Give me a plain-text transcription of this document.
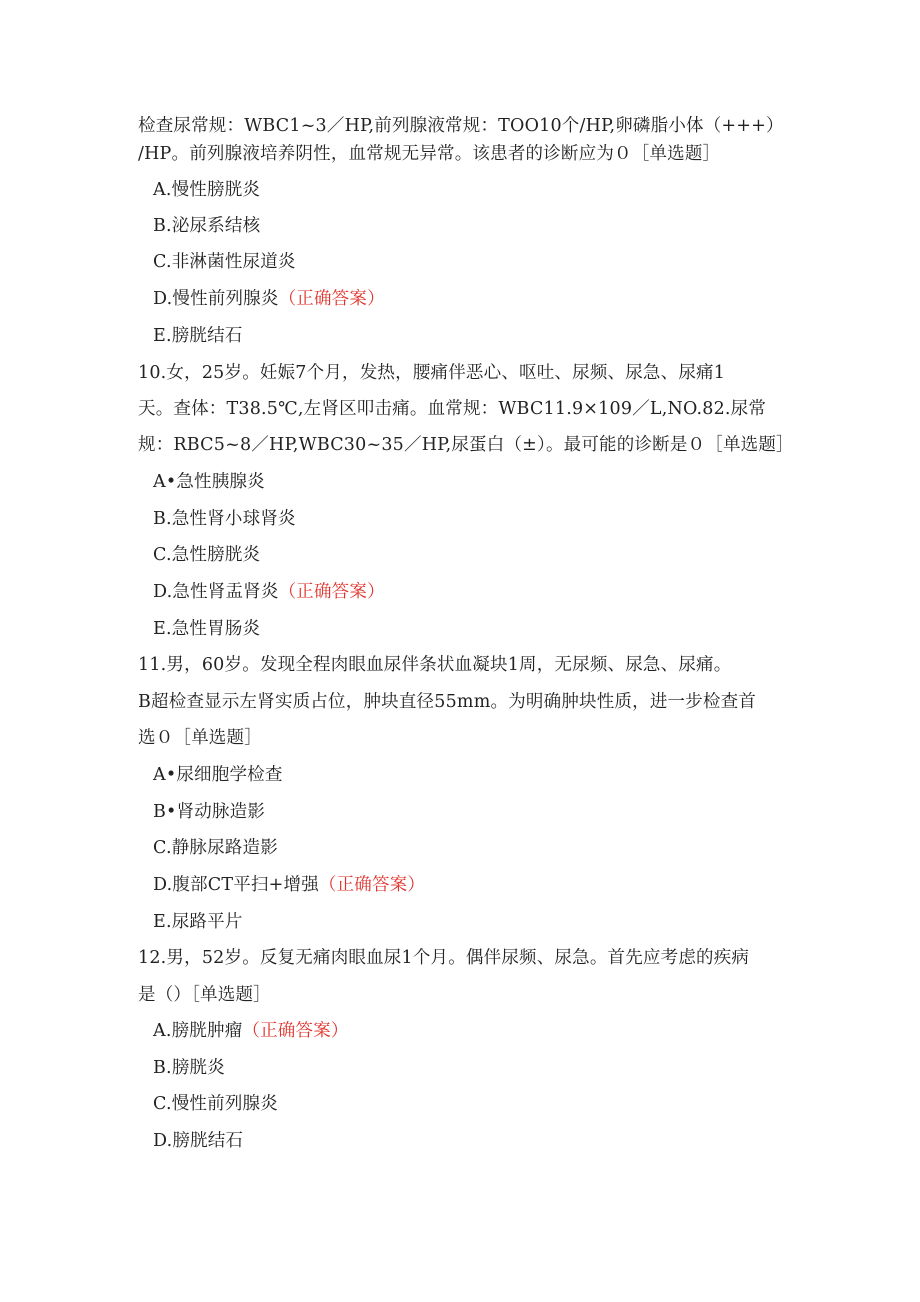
检查尿常规：WBC1~3／HP,前列腺液常规：TOO10个/HP,卵磷脂小体（+++）
/HP。前列腺液培养阴性，血常规无异常。该患者的诊断应为０［单选题］
A.慢性膀胱炎
B.泌尿系结核
C.非淋菌性尿道炎
D.慢性前列腺炎（正确答案）
E.膀胱结石
10.女，25岁。妊娠7个月，发热，腰痛伴恶心、呕吐、尿频、尿急、尿痛1
天。查体：T38.5℃,左肾区叩击痛。血常规：WBC11.9×109／L,NO.82.尿常
规：RBC5~8／HP,WBC30~35／HP,尿蛋白（±）。最可能的诊断是０［单选题］
A•急性胰腺炎
B.急性肾小球肾炎
C.急性膀胱炎
D.急性肾盂肾炎（正确答案）
E.急性胃肠炎
11.男，60岁。发现全程肉眼血尿伴条状血凝块1周，无尿频、尿急、尿痛。
B超检查显示左肾实质占位，肿块直径55mm。为明确肿块性质，进一步检查首
选０［单选题］
A•尿细胞学检查
B•肾动脉造影
C.静脉尿路造影
D.腹部CT平扫+增强（正确答案）
E.尿路平片
12.男，52岁。反复无痛肉眼血尿1个月。偶伴尿频、尿急。首先应考虑的疾病
是（）［单选题］
A.膀胱肿瘤（正确答案）
B.膀胱炎
C.慢性前列腺炎
D.膀胱结石
